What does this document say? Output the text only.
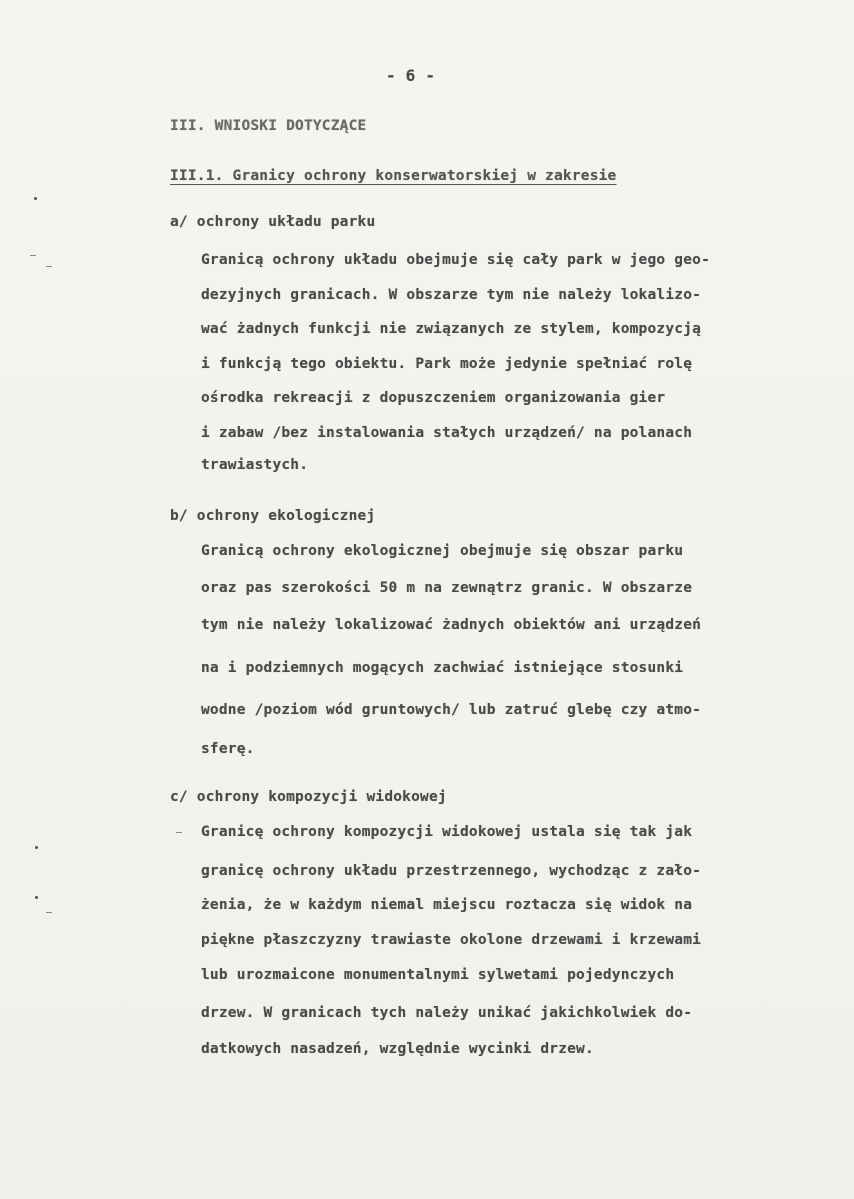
- 6 -
III. WNIOSKI DOTYCZĄCE
III.1. Granicy ochrony konserwatorskiej w zakresie
a/ ochrony układu parku
Granicą ochrony układu obejmuje się cały park w jego geo-
dezyjnych granicach. W obszarze tym nie należy lokalizo-
wać żadnych funkcji nie związanych ze stylem, kompozycją
i funkcją tego obiektu. Park może jedynie spełniać rolę
ośrodka rekreacji z dopuszczeniem organizowania gier
i zabaw /bez instalowania stałych urządzeń/ na polanach
trawiastych.
b/ ochrony ekologicznej
Granicą ochrony ekologicznej obejmuje się obszar parku
oraz pas szerokości 50 m na zewnątrz granic. W obszarze
tym nie należy lokalizować żadnych obiektów ani urządzeń
na i podziemnych mogących zachwiać istniejące stosunki
wodne /poziom wód gruntowych/ lub zatruć glebę czy atmo-
sferę.
c/ ochrony kompozycji widokowej
Granicę ochrony kompozycji widokowej ustala się tak jak
granicę ochrony układu przestrzennego, wychodząc z zało-
żenia, że w każdym niemal miejscu roztacza się widok na
piękne płaszczyzny trawiaste okolone drzewami i krzewami
lub urozmaicone monumentalnymi sylwetami pojedynczych
drzew. W granicach tych należy unikać jakichkolwiek do-
datkowych nasadzeń, względnie wycinki drzew.
